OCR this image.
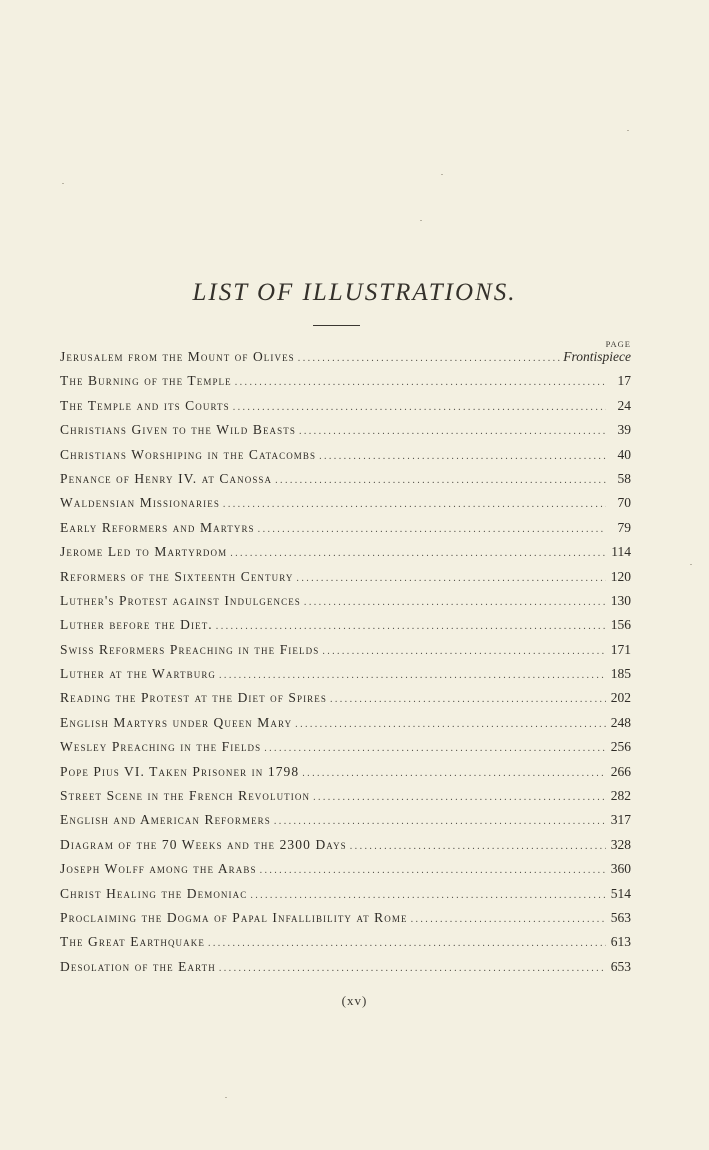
LIST OF ILLUSTRATIONS.
PAGE
Jerusalem from the Mount of Olives .....	Frontispiece
The Burning of the Temple .....	17
The Temple and its Courts .....	24
Christians Given to the Wild Beasts .....	39
Christians Worshiping in the Catacombs .....	40
Penance of Henry IV. at Canossa .....	58
Waldensian Missionaries .....	70
Early Reformers and Martyrs .....	79
Jerome Led to Martyrdom .....	114
Reformers of the Sixteenth Century .....	120
Luther's Protest against Indulgences .....	130
Luther before the Diet. .....	156
Swiss Reformers Preaching in the Fields .....	171
Luther at the Wartburg .....	185
Reading the Protest at the Diet of Spires .....	202
English Martyrs under Queen Mary .....	248
Wesley Preaching in the Fields .....	256
Pope Pius VI. Taken Prisoner in 1798 .....	266
Street Scene in the French Revolution .....	282
English and American Reformers .....	317
Diagram of the 70 Weeks and the 2300 Days .....	328
Joseph Wolff among the Arabs .....	360
Christ Healing the Demoniac .....	514
Proclaiming the Dogma of Papal Infallibility at Rome .....	563
The Great Earthquake .....	613
Desolation of the Earth .....	653
(xv)
